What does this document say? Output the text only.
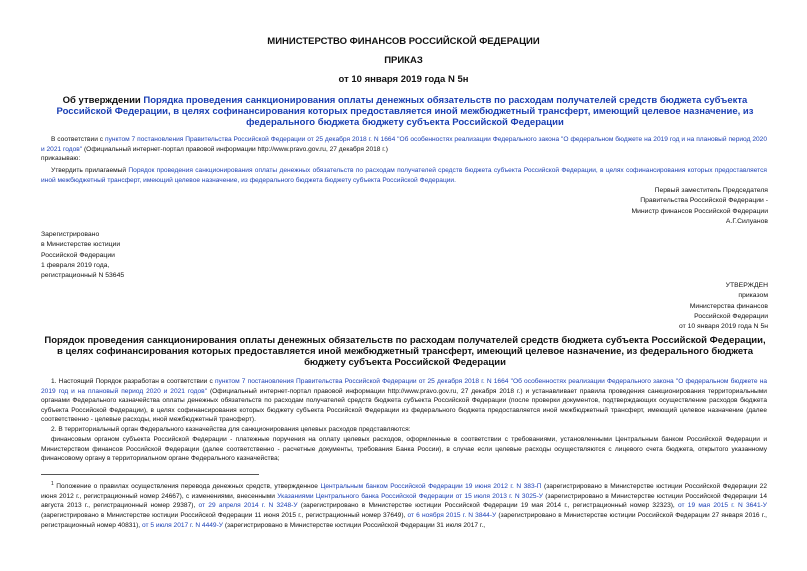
МИНИСТЕРСТВО ФИНАНСОВ РОССИЙСКОЙ ФЕДЕРАЦИИ
ПРИКАЗ
от 10 января 2019 года N 5н
Об утверждении Порядка проведения санкционирования оплаты денежных обязательств по расходам получателей средств бюджета субъекта Российской Федерации, в целях софинансирования которых предоставляется иной межбюджетный трансферт, имеющий целевое назначение, из федерального бюджета бюджету субъекта Российской Федерации
В соответствии с пунктом 7 постановления Правительства Российской Федерации от 25 декабря 2018 г. N 1664 "Об особенностях реализации Федерального закона "О федеральном бюджете на 2019 год и на плановый период 2020 и 2021 годов" (Официальный интернет-портал правовой информации http://www.pravo.gov.ru, 27 декабря 2018 г.)
приказываю:
Утвердить прилагаемый Порядок проведения санкционирования оплаты денежных обязательств по расходам получателей средств бюджета субъекта Российской Федерации, в целях софинансирования которых предоставляется иной межбюджетный трансферт, имеющий целевое назначение, из федерального бюджета бюджету субъекта Российской Федерации.
Первый заместитель Председателя
Правительства Российской Федерации -
Министр финансов Российской Федерации
А.Г.Силуанов
Зарегистрировано
в Министерстве юстиции
Российской Федерации
1 февраля 2019 года,
регистрационный N 53645
УТВЕРЖДЕН
приказом
Министерства финансов
Российской Федерации
от 10 января 2019 года N 5н
Порядок проведения санкционирования оплаты денежных обязательств по расходам получателей средств бюджета субъекта Российской Федерации, в целях софинансирования которых предоставляется иной межбюджетный трансферт, имеющий целевое назначение, из федерального бюджета бюджету субъекта Российской Федерации
1. Настоящий Порядок разработан в соответствии с пунктом 7 постановления Правительства Российской Федерации от 25 декабря 2018 г. N 1664 "Об особенностях реализации Федерального закона "О федеральном бюджете на 2019 год и на плановый период 2020 и 2021 годов" (Официальный интернет-портал правовой информации http://www.pravo.gov.ru, 27 декабря 2018 г.) и устанавливает правила проведения санкционирования территориальными органами Федерального казначейства оплаты денежных обязательств по расходам получателей средств бюджета субъекта Российской Федерации (после проверки документов, подтверждающих осуществление расходов бюджета субъекта Российской Федерации), в целях софинансирования которых бюджету субъекта Российской Федерации из федерального бюджета предоставляется иной межбюджетный трансферт, имеющий целевое назначение (далее соответственно - целевые расходы, иной межбюджетный трансферт).
2. В территориальный орган Федерального казначейства для санкционирования целевых расходов представляются:
финансовым органом субъекта Российской Федерации - платежные поручения на оплату целевых расходов, оформленные в соответствии с требованиями, установленными Центральным банком Российской Федерации и Министерством финансов Российской Федерации (далее соответственно - расчетные документы, требования Банка России), в случае если целевые расходы осуществляются с лицевого счета бюджета, открытого указанному финансовому органу в территориальном органе Федерального казначейства;
$^1$ Положение о правилах осуществления перевода денежных средств, утвержденное Центральным банком Российской Федерации 19 июня 2012 г. N 383-П (зарегистрировано в Министерстве юстиции Российской Федерации 22 июня 2012 г., регистрационный номер 24667), с изменениями, внесенными Указаниями Центрального банка Российской Федерации от 15 июля 2013 г. N 3025-У (зарегистрировано в Министерстве юстиции Российской Федерации 14 августа 2013 г., регистрационный номер 29387), от 29 апреля 2014 г. N 3248-У (зарегистрировано в Министерстве юстиции Российской Федерации 19 мая 2014 г., регистрационный номер 32323), от 19 мая 2015 г. N 3641-У (зарегистрировано в Министерстве юстиции Российской Федерации 11 июня 2015 г., регистрационный номер 37649), от 6 ноября 2015 г. N 3844-У (зарегистрировано в Министерстве юстиции Российской Федерации 27 января 2016 г., регистрационный номер 40831), от 5 июля 2017 г. N 4449-У (зарегистрировано в Министерстве юстиции Российской Федерации 31 июля 2017 г.,
